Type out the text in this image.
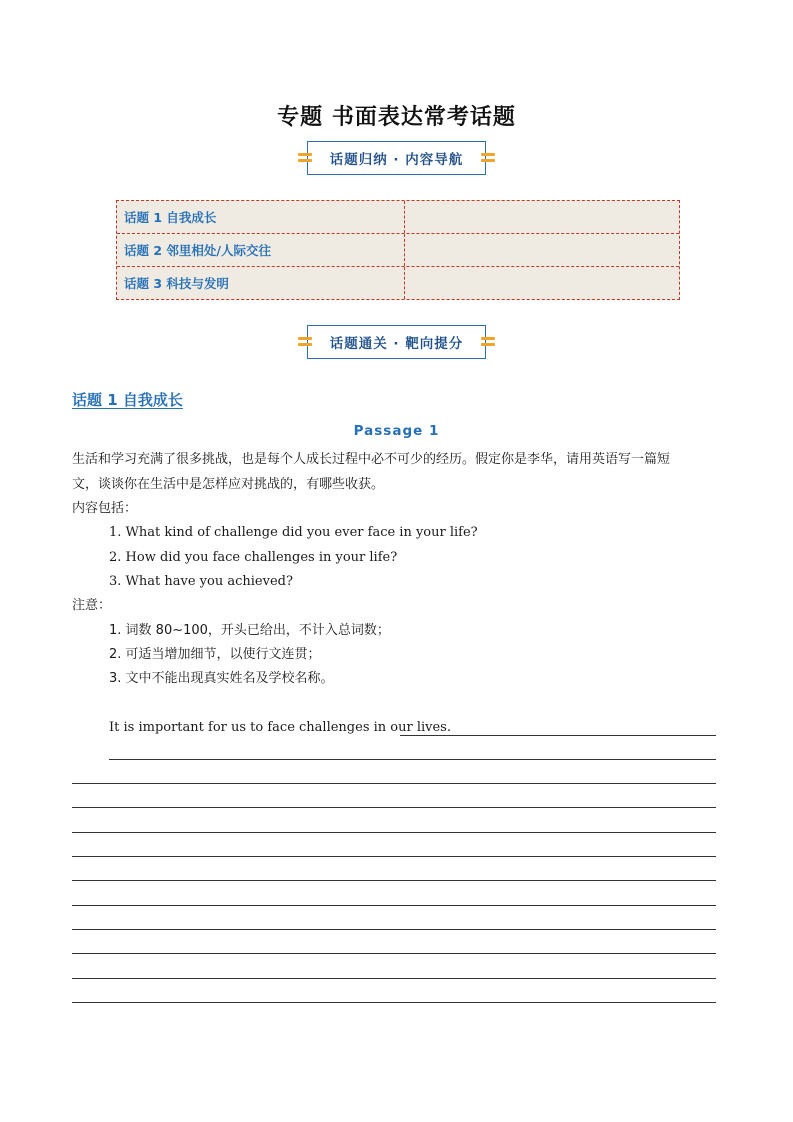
专题 书面表达常考话题
话题归纳 · 内容导航
话题 1 自我成长
话题 2 邻里相处/人际交往
话题 3 科技与发明
话题通关 · 靶向提分
话题 1 自我成长
Passage 1
生活和学习充满了很多挑战，也是每个人成长过程中必不可少的经历。假定你是李华，请用英语写一篇短
文，谈谈你在生活中是怎样应对挑战的，有哪些收获。
内容包括：
1. What kind of challenge did you ever face in your life?
2. How did you face challenges in your life?
3. What have you achieved?
注意：
1. 词数 80~100，开头已给出，不计入总词数；
2. 可适当增加细节，以使行文连贯；
3. 文中不能出现真实姓名及学校名称。
It is important for us to face challenges in our lives.
